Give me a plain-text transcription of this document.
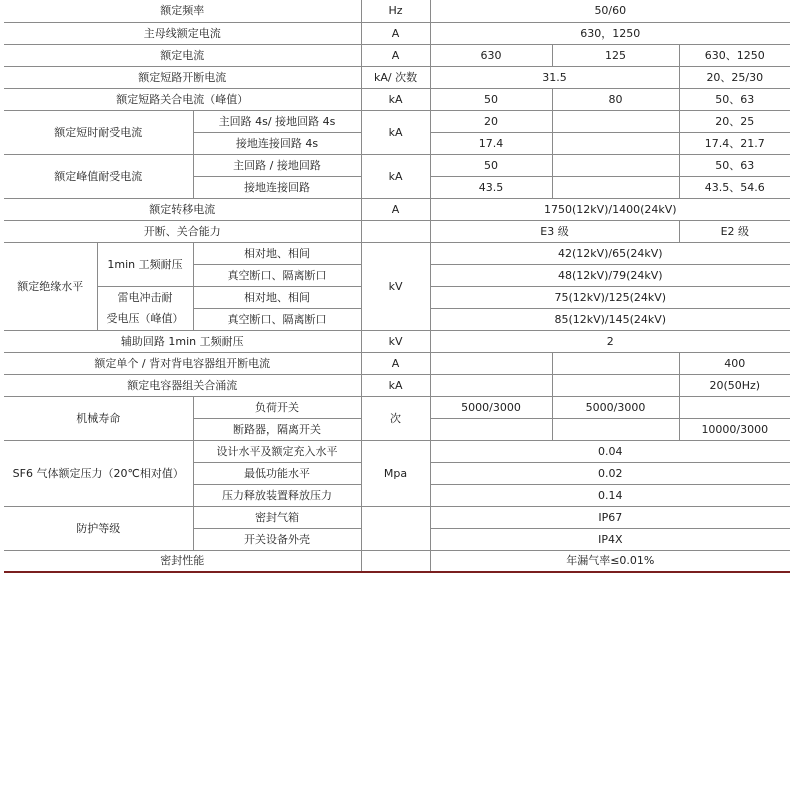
额定频率			Hz	50/60		
主母线额定电流			A	630，1250		
额定电流			A	630	125	630、1250
额定短路开断电流			kA/ 次数	31.5		20、25/30
额定短路关合电流（峰值）			kA	50	80	50、63
额定短时耐受电流		主回路 4s/ 接地回路 4s	kA	20		20、25
		接地连接回路 4s		17.4		17.4、21.7
额定峰值耐受电流		主回路 / 接地回路	kA	50		50、63
		接地连接回路		43.5		43.5、54.6
额定转移电流			A	1750(12kV)/1400(24kV)		
开断、关合能力				E3 级		E2 级
额定绝缘水平	1min 工频耐压	相对地、相间	kV	42(12kV)/65(24kV)		
		真空断口、隔离断口		48(12kV)/79(24kV)		
	雷电冲击耐	相对地、相间		75(12kV)/125(24kV)		
	受电压（峰值）	真空断口、隔离断口		85(12kV)/145(24kV)		
辅助回路 1min 工频耐压			kV	2		
额定单个 / 背对背电容器组开断电流			A			400
额定电容器组关合涌流			kA			20(50Hz)
机械寿命		负荷开关	次	5000/3000	5000/3000	
		断路器，隔离开关				10000/3000
SF6 气体额定压力（20℃相对值）		设计水平及额定充入水平	Mpa	0.04		
		最低功能水平		0.02		
		压力释放装置释放压力		0.14		
防护等级		密封气箱		IP67		
		开关设备外壳		IP4X		
密封性能				年漏气率≤0.01%		
